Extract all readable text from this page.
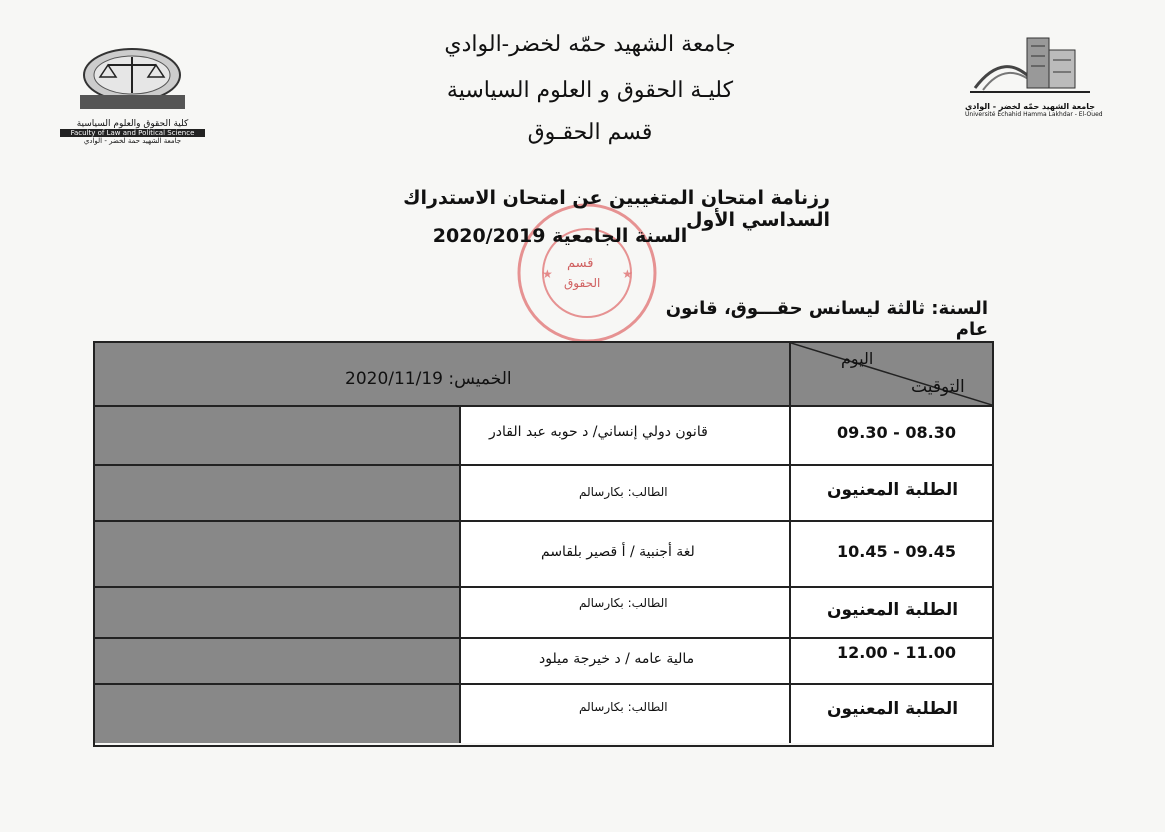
كلية الحقوق والعلوم السياسية
Faculty of Law and Political Science
جامعة الشهيد حمة لخضر - الوادي
جامعة الشهيد حمّه لخضر - الوادي
Université Echahid Hamma Lakhdar - El-Oued
جامعة الشهيد حمّه لخضر-الوادي
كليـة الحقوق و العلوم السياسية
قسم الحقـوق
★	★
قسم
الحقوق
رزنامة امتحان المتغيبين عن امتحان الاستدراك السداسي الأول
السنة الجامعية 2020/2019
السنة: ثالثة ليسانس حقـــوق، قانون عام
الخميس: 2020/11/19
اليوم
التوقيت
قانون دولي إنساني/ د حوبه عبد القادر	08.30 - 09.30
الطالب: بكارسالم	الطلبة المعنيون
لغة أجنبية / أ قصير بلقاسم	09.45 - 10.45
الطالب: بكارسالم	الطلبة المعنيون
مالية عامه / د خيرجة ميلود	11.00 - 12.00
الطالب: بكارسالم	الطلبة المعنيون
